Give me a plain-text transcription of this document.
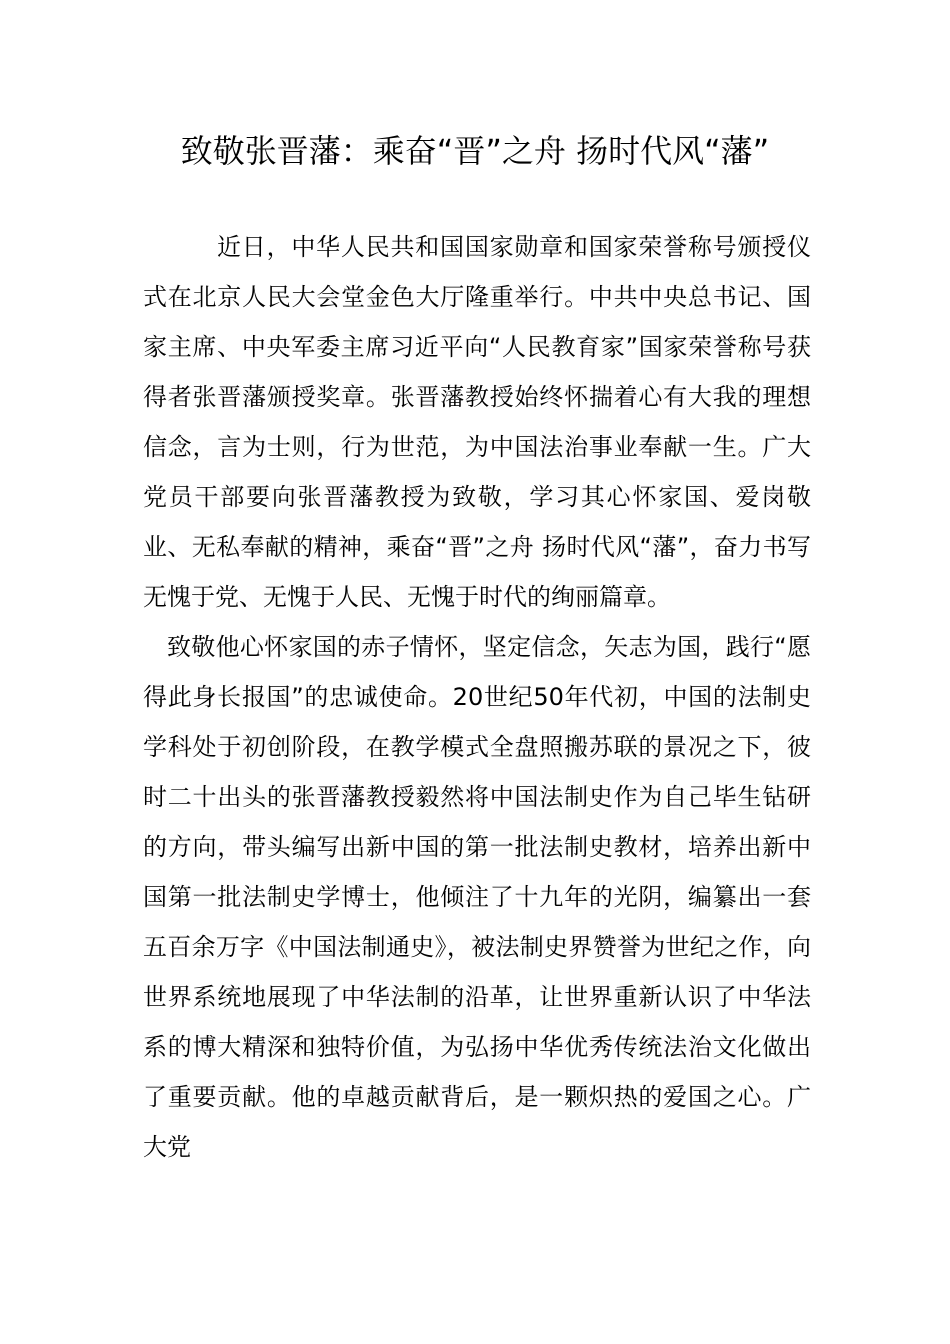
致敬张晋藩：乘奋“晋”之舟 扬时代风“藩”

近日，中华人民共和国国家勋章和国家荣誉称号颁授仪式在北京人民大会堂金色大厅隆重举行。中共中央总书记、国家主席、中央军委主席习近平向“人民教育家”国家荣誉称号获得者张晋藩颁授奖章。张晋藩教授始终怀揣着心有大我的理想信念，言为士则，行为世范，为中国法治事业奉献一生。广大党员干部要向张晋藩教授为致敬，学习其心怀家国、爱岗敬业、无私奉献的精神，乘奋“晋”之舟 扬时代风“藩”，奋力书写无愧于党、无愧于人民、无愧于时代的绚丽篇章。

致敬他心怀家国的赤子情怀，坚定信念，矢志为国，践行“愿得此身长报国”的忠诚使命。20世纪50年代初，中国的法制史学科处于初创阶段，在教学模式全盘照搬苏联的景况之下，彼时二十出头的张晋藩教授毅然将中国法制史作为自己毕生钻研的方向，带头编写出新中国的第一批法制史教材，培养出新中国第一批法制史学博士，他倾注了十九年的光阴，编纂出一套五百余万字《中国法制通史》，被法制史界赞誉为世纪之作，向世界系统地展现了中华法制的沿革，让世界重新认识了中华法系的博大精深和独特价值，为弘扬中华优秀传统法治文化做出了重要贡献。他的卓越贡献背后，是一颗炽热的爱国之心。广大党
